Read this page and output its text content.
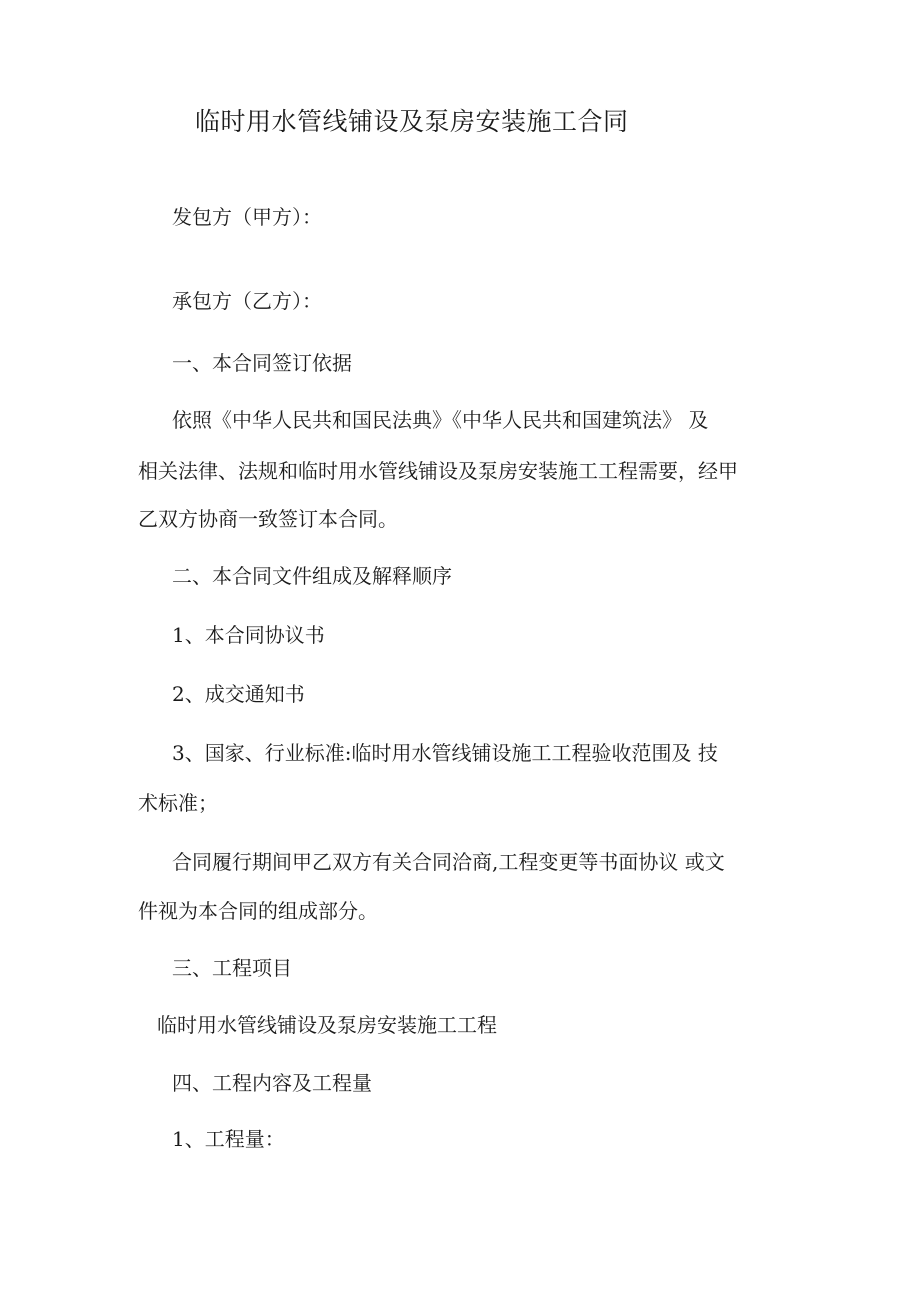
临时用水管线铺设及泵房安装施工合同
发包方（甲方）：
承包方（乙方）：
一、本合同签订依据
依照《中华人民共和国民法典》《中华人民共和国建筑法》 及
相关法律、法规和临时用水管线铺设及泵房安装施工工程需要，经甲
乙双方协商一致签订本合同。
二、本合同文件组成及解释顺序
1、本合同协议书
2、成交通知书
3、国家、行业标准:临时用水管线铺设施工工程验收范围及 技
术标准；
合同履行期间甲乙双方有关合同洽商,工程变更等书面协议 或文
件视为本合同的组成部分。
三、工程项目
临时用水管线铺设及泵房安装施工工程
四、工程内容及工程量
1、工程量：
